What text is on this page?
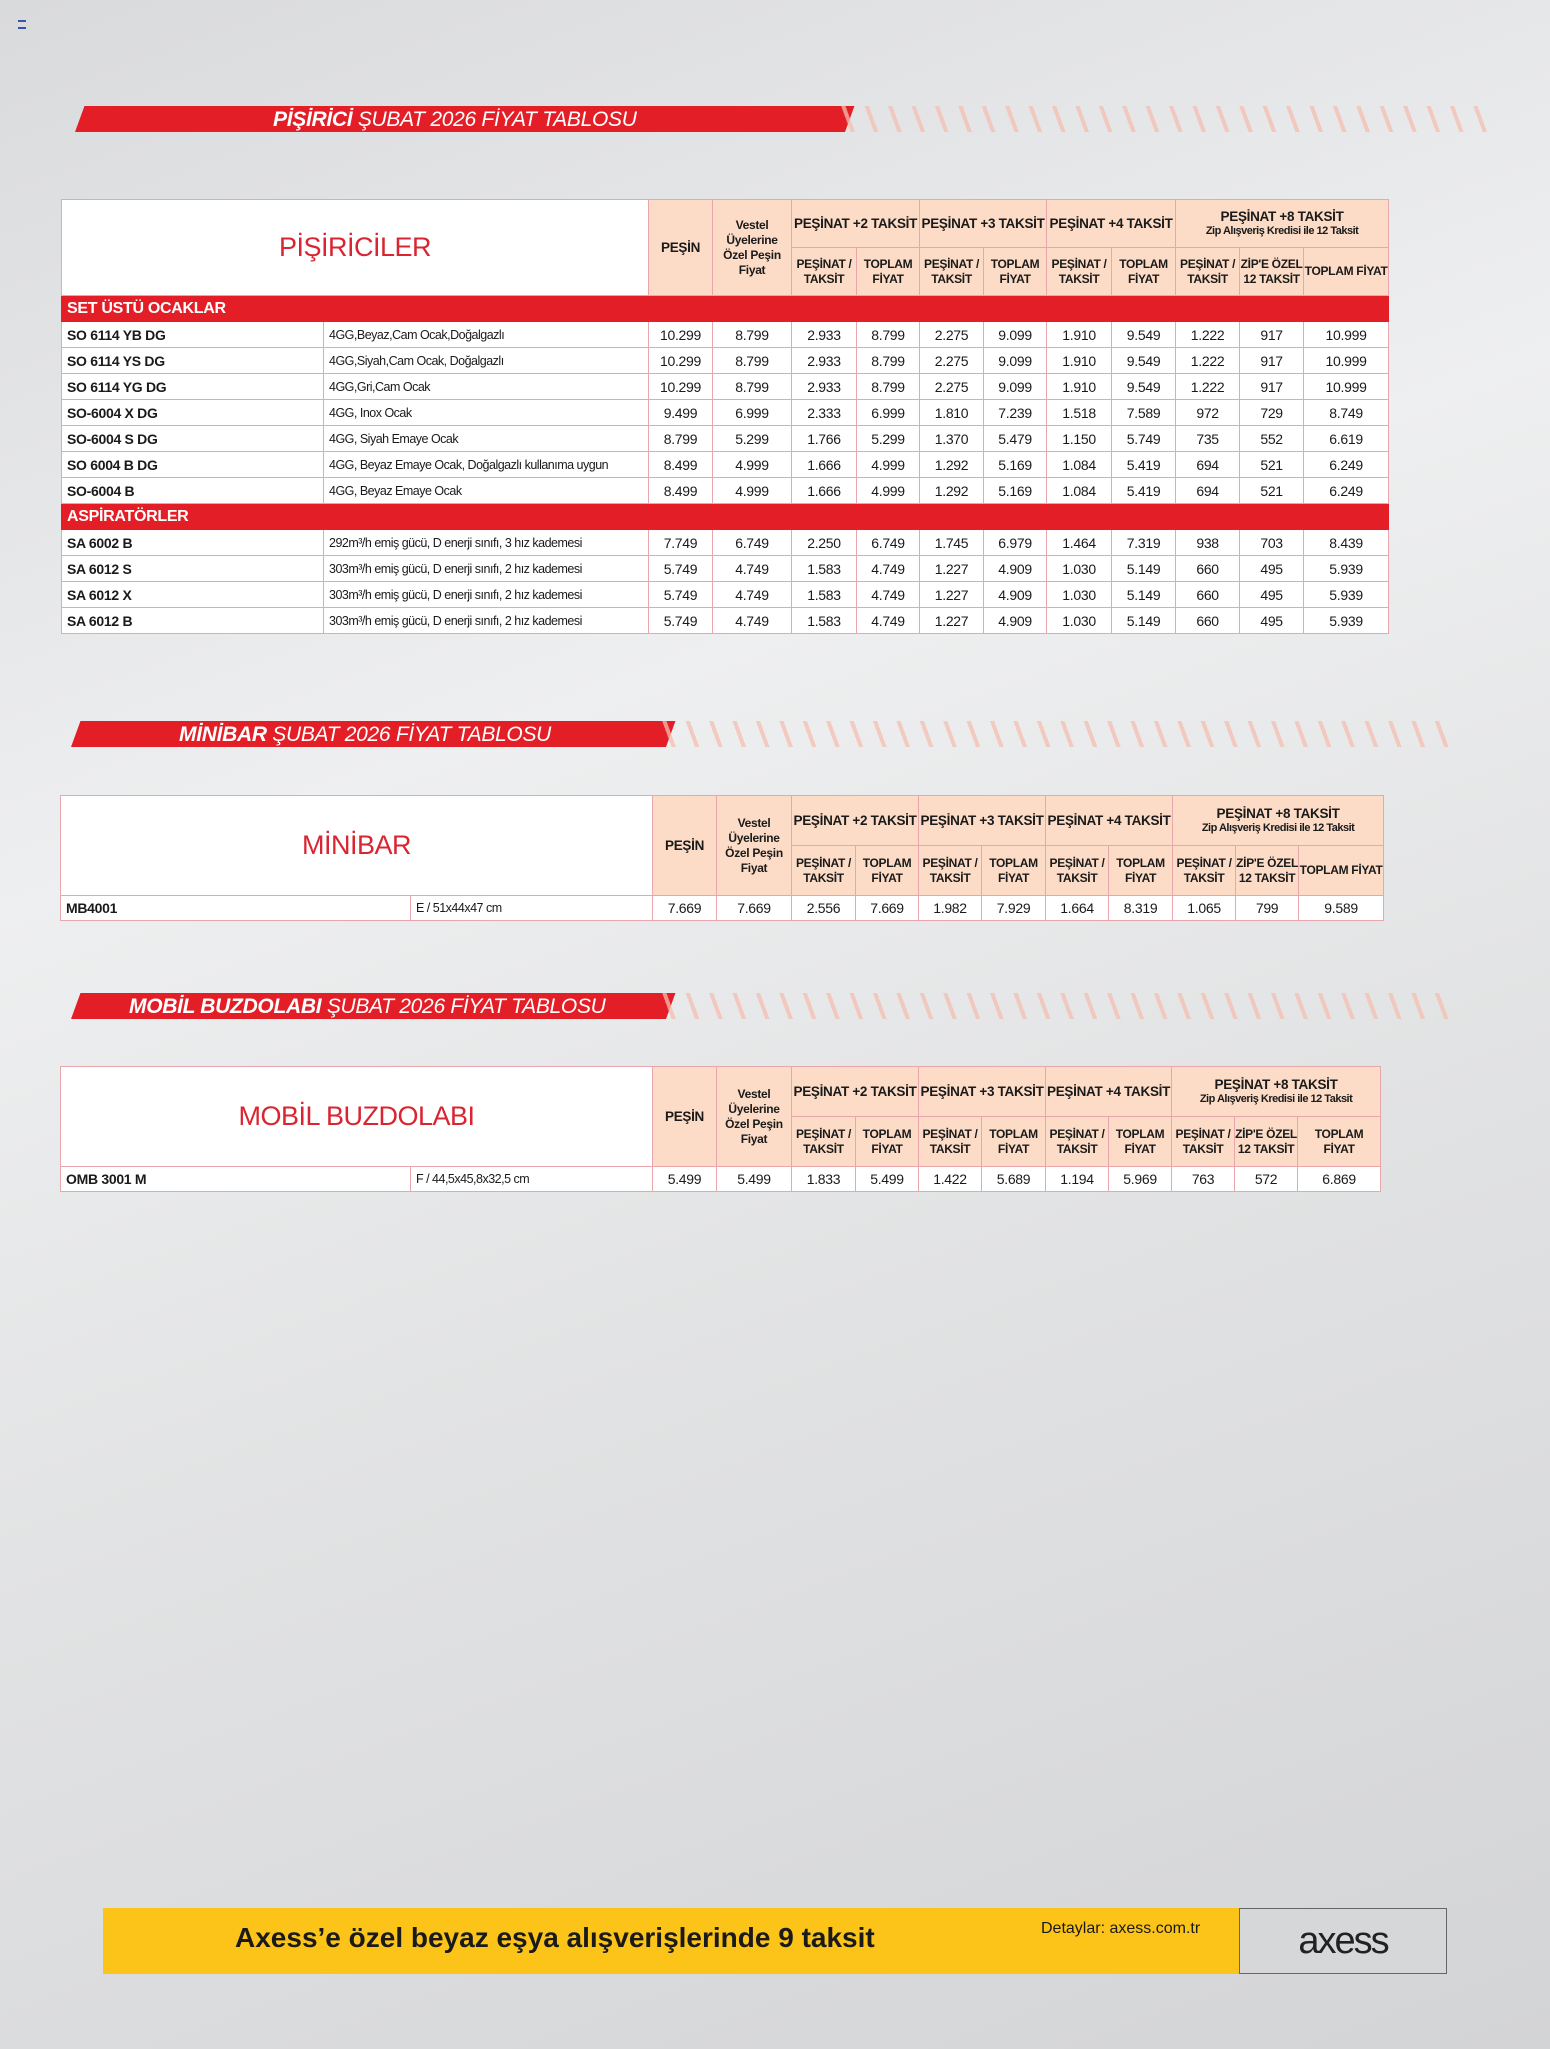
PİŞİRİCİ ŞUBAT 2026 FİYAT TABLOSU
PİŞİRİCİLER		PEŞİN	Vestel Üyelerine Özel Peşin Fiyat	PEŞİNAT +2 TAKSİT		PEŞİNAT +3 TAKSİT		PEŞİNAT +4 TAKSİT		PEŞİNAT +8 TAKSİT
Zip Alışveriş Kredisi ile 12 Taksit		

				PEŞİNAT / TAKSİT	TOPLAM FİYAT	PEŞİNAT / TAKSİT	TOPLAM FİYAT	PEŞİNAT / TAKSİT	TOPLAM FİYAT	PEŞİNAT / TAKSİT	ZİP'E ÖZEL 12 TAKSİT	TOPLAM FİYAT
SET ÜSTÜ OCAKLAR												
SO 6114 YB DG	4GG,Beyaz,Cam Ocak,Doğalgazlı	10.299	8.799	2.933	8.799	2.275	9.099	1.910	9.549	1.222	917	10.999
SO 6114 YS DG	4GG,Siyah,Cam Ocak, Doğalgazlı	10.299	8.799	2.933	8.799	2.275	9.099	1.910	9.549	1.222	917	10.999
SO 6114 YG DG	4GG,Gri,Cam Ocak	10.299	8.799	2.933	8.799	2.275	9.099	1.910	9.549	1.222	917	10.999
SO-6004 X DG	4GG, Inox Ocak	9.499	6.999	2.333	6.999	1.810	7.239	1.518	7.589	972	729	8.749
SO-6004 S DG	4GG, Siyah Emaye Ocak	8.799	5.299	1.766	5.299	1.370	5.479	1.150	5.749	735	552	6.619
SO 6004 B DG	4GG, Beyaz Emaye Ocak, Doğalgazlı kullanıma uygun	8.499	4.999	1.666	4.999	1.292	5.169	1.084	5.419	694	521	6.249
SO-6004 B	4GG, Beyaz Emaye Ocak	8.499	4.999	1.666	4.999	1.292	5.169	1.084	5.419	694	521	6.249
ASPİRATÖRLER												
SA 6002 B	292m³/h emiş gücü, D enerji sınıfı, 3 hız kademesi	7.749	6.749	2.250	6.749	1.745	6.979	1.464	7.319	938	703	8.439
SA 6012 S	303m³/h emiş gücü, D enerji sınıfı, 2 hız kademesi	5.749	4.749	1.583	4.749	1.227	4.909	1.030	5.149	660	495	5.939
SA 6012 X	303m³/h emiş gücü, D enerji sınıfı, 2 hız kademesi	5.749	4.749	1.583	4.749	1.227	4.909	1.030	5.149	660	495	5.939
SA 6012 B	303m³/h emiş gücü, D enerji sınıfı, 2 hız kademesi	5.749	4.749	1.583	4.749	1.227	4.909	1.030	5.149	660	495	5.939
MİNİBAR ŞUBAT 2026 FİYAT TABLOSU
MİNİBAR		PEŞİN	Vestel Üyelerine Özel Peşin Fiyat	PEŞİNAT +2 TAKSİT		PEŞİNAT +3 TAKSİT		PEŞİNAT +4 TAKSİT		PEŞİNAT +8 TAKSİT
Zip Alışveriş Kredisi ile 12 Taksit		

				PEŞİNAT / TAKSİT	TOPLAM FİYAT	PEŞİNAT / TAKSİT	TOPLAM FİYAT	PEŞİNAT / TAKSİT	TOPLAM FİYAT	PEŞİNAT / TAKSİT	ZİP'E ÖZEL 12 TAKSİT	TOPLAM FİYAT
MB4001	E / 51x44x47 cm	7.669	7.669	2.556	7.669	1.982	7.929	1.664	8.319	1.065	799	9.589
MOBİL BUZDOLABI ŞUBAT 2026 FİYAT TABLOSU
MOBİL BUZDOLABI		PEŞİN	Vestel Üyelerine Özel Peşin Fiyat	PEŞİNAT +2 TAKSİT		PEŞİNAT +3 TAKSİT		PEŞİNAT +4 TAKSİT		PEŞİNAT +8 TAKSİT
Zip Alışveriş Kredisi ile 12 Taksit		

				PEŞİNAT / TAKSİT	TOPLAM FİYAT	PEŞİNAT / TAKSİT	TOPLAM FİYAT	PEŞİNAT / TAKSİT	TOPLAM FİYAT	PEŞİNAT / TAKSİT	ZİP'E ÖZEL 12 TAKSİT	TOPLAM FİYAT
OMB 3001 M	F / 44,5x45,8x32,5 cm	5.499	5.499	1.833	5.499	1.422	5.689	1.194	5.969	763	572	6.869
Axess’e özel beyaz eşya alışverişlerinde 9 taksit	Detaylar: axess.com.tr	axess
